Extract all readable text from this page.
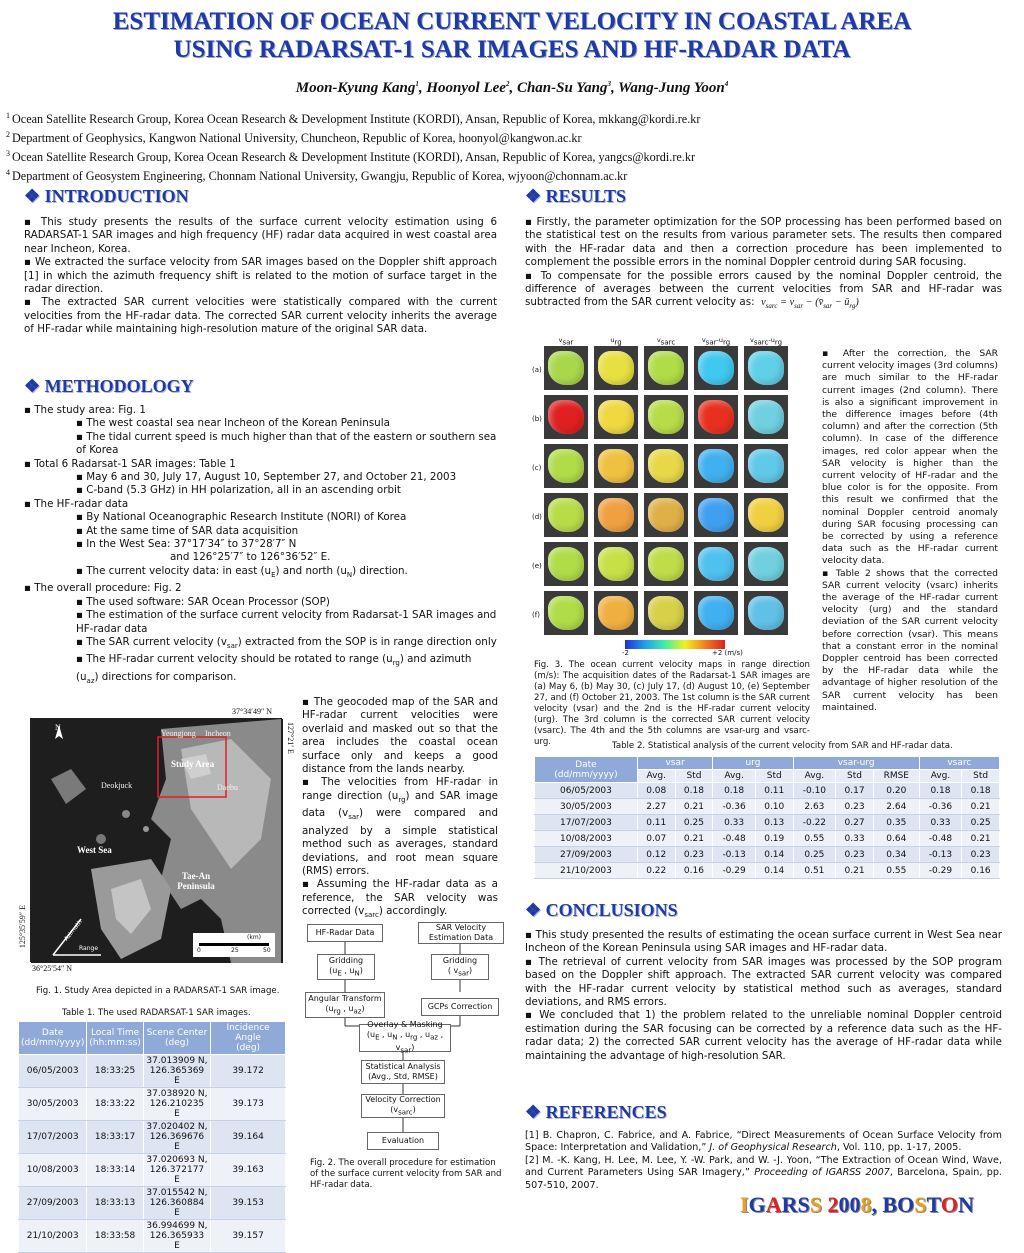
ESTIMATION OF OCEAN CURRENT VELOCITY IN COASTAL AREA
USING RADARSAT-1 SAR IMAGES AND HF-RADAR DATA
Moon-Kyung Kang$^1$, Hoonyol Lee$^2$, Chan-Su Yang$^3$, Wang-Jung Yoon$^4$
$^1$ Ocean Satellite Research Group, Korea Ocean Research & Development Institute (KORDI), Ansan, Republic of Korea, mkkang@kordi.re.kr
$^2$ Department of Geophysics, Kangwon National University, Chuncheon, Republic of Korea, hoonyol@kangwon.ac.kr
$^3$ Ocean Satellite Research Group, Korea Ocean Research & Development Institute (KORDI), Ansan, Republic of Korea, yangcs@kordi.re.kr
$^4$ Department of Geosystem Engineering, Chonnam National University, Gwangju, Republic of Korea, wjyoon@chonnam.ac.kr
❖ INTRODUCTION

▪ This study presents the results of the surface current velocity estimation using 6 RADARSAT-1 SAR images and high frequency (HF) radar data acquired in west coastal area near Incheon, Korea.

▪ We extracted the surface velocity from SAR images based on the Doppler shift approach [1] in which the azimuth frequency shift is related to the motion of surface target in the radar direction.

▪ The extracted SAR current velocities were statistically compared with the current velocities from the HF-radar data. The corrected SAR current velocity inherits the average of HF-radar while maintaining high-resolution mature of the original SAR data.

❖ METHODOLOGY

▪ The study area: Fig. 1

▪ The west coastal sea near Incheon of the Korean Peninsula

▪ The tidal current speed is much higher than that of the eastern or southern sea of Korea

▪ Total 6 Radarsat-1 SAR images: Table 1

▪ May 6 and 30, July 17, August 10, September 27, and October 21, 2003

▪ C-band (5.3 GHz) in HH polarization, all in an ascending orbit

▪ The HF-radar data

▪ By National Oceanographic Research Institute (NORI) of Korea

▪ At the same time of SAR data acquisition

▪ In the West Sea: 37°17′34″ to 37°28′7″ N

and 126°25′7″ to 126°36′52″ E.

▪ The current velocity data: in east $(u_E)$ and north $(u_N)$ direction.

▪ The overall procedure: Fig. 2

▪ The used software: SAR Ocean Processor (SOP)

▪ The estimation of the surface current velocity from Radarsat-1 SAR images and HF-radar data

▪ The SAR current velocity $(v_{sar})$ extracted from the SOP is in range direction only

▪ The HF-radar current velocity should be rotated to range $(u_{rg})$ and azimuth $(u_{az})$ directions for comparison.

N
Yeongjong Incheon
Study Area
Deokjuck	Daebu
West Sea
Tae-An
Peninsula
Azimuth
Range
(km)
0	25	50
37°34′49″ N
127°21′ E
125°35′59″ E
36°25′54″ N
Fig. 1. Study Area depicted in a RADARSAT-1 SAR image.
Table 1. The used RADARSAT-1 SAR images.
Date
(dd/mm/yyyy)	Local Time
(hh:mm:ss)	Scene Center
(deg)	Incidence Angle
(deg)
06/05/2003	18:33:25	37.013909 N,
126.365369 E	39.172
30/05/2003	18:33:22	37.038920 N,
126.210235 E	39.173
17/07/2003	18:33:17	37.020402 N,
126.369676 E	39.164
10/08/2003	18:33:14	37.020693 N,
126.372177 E	39.163
27/09/2003	18:33:13	37.015542 N,
126.360884 E	39.153
21/10/2003	18:33:58	36.994699 N,
126.365933 E	39.157

▪ The geocoded map of the SAR and HF-radar current velocities were overlaid and masked out so that the area includes the coastal ocean surface only and keeps a good distance from the lands nearby.

▪ The velocities from HF-radar in range direction $(u_{rg})$ and SAR image data $(v_{sar})$ were compared and analyzed by a simple statistical method such as averages, standard deviations, and root mean square (RMS) errors.

▪ Assuming the HF-radar data as a reference, the SAR velocity was corrected $(v_{sarc})$ accordingly.

HF-Radar Data
SAR Velocity
Estimation Data
Gridding
($u_E$ , $u_N$)
Gridding
( $v_{sar}$)
Angular Transform
($u_{rg}$ , $u_{az}$)	GCPs Correction
Overlay & Masking
($u_E$ , $u_N$ , $u_{rg}$ , $u_{az}$ , $v_{sar}$)
Statistical Analysis
(Avg., Std, RMSE)
Velocity Correction
$(v_{sarc})$
Evaluation
Fig. 2. The overall procedure for estimation of the surface current velocity from SAR and HF-radar data.
❖ RESULTS

▪ Firstly, the parameter optimization for the SOP processing has been performed based on the statistical test on the results from various parameter sets. The results then compared with the HF-radar data and then a correction procedure has been implemented to complement the possible errors in the nominal Doppler centroid during SAR focusing.

▪ To compensate for the possible errors caused by the nominal Doppler centroid, the difference of averages between the current velocities from SAR and HF-radar was subtracted from the SAR current velocity as: $v_{sarc} = v_{sar}$ − ($v̄_{sar}$ − $ū_{rg}$)

$v_{sar}$	$u_{rg}$	$v_{sarc}$	$v_{sar}-u_{rg}$	$v_{sarc}-u_{rg}$
(a)
(b)
(c)
(d)
(e)
(f)
-2	+2 (m/s)
Fig. 3. The ocean current velocity maps in range direction (m/s): The acquisition dates of the Radarsat-1 SAR images are (a) May 6, (b) May 30, (c) July 17, (d) August 10, (e) September 27, and (f) October 21, 2003. The 1st column is the SAR current velocity (vsar) and the 2nd is the HF-radar current velocity (urg). The 3rd column is the corrected SAR current velocity (vsarc). The 4th and the 5th columns are vsar-urg and vsarc-urg.

▪ After the correction, the SAR current velocity images (3rd columns) are much similar to the HF-radar current images (2nd column). There is also a significant improvement in the difference images before (4th column) and after the correction (5th column). In case of the difference images, red color appear when the SAR velocity is higher than the current velocity of HF-radar and the blue color is for the opposite. From this result we confirmed that the nominal Doppler centroid anomaly during SAR focusing processing can be corrected by using a reference data such as the HF-radar current velocity data.

▪ Table 2 shows that the corrected SAR current velocity (vsarc) inherits the average of the HF-radar current velocity (urg) and the standard deviation of the SAR current velocity before correction (vsar). This means that a constant error in the nominal Doppler centroid has been corrected by the HF-radar data while the advantage of higher resolution of the SAR current velocity has been maintained.

Table 2. Statistical analysis of the current velocity from SAR and HF-radar data.
Date
(dd/mm/yyyy)	vsar		urg		vsar-urg			vsarc	
	Avg.	Std	Avg.	Std	Avg.	Std	RMSE	Avg.	Std
06/05/2003	0.08	0.18	0.18	0.11	-0.10	0.17	0.20	0.18	0.18
30/05/2003	2.27	0.21	-0.36	0.10	2.63	0.23	2.64	-0.36	0.21
17/07/2003	0.11	0.25	0.33	0.13	-0.22	0.27	0.35	0.33	0.25
10/08/2003	0.07	0.21	-0.48	0.19	0.55	0.33	0.64	-0.48	0.21
27/09/2003	0.12	0.23	-0.13	0.14	0.25	0.23	0.34	-0.13	0.23
21/10/2003	0.22	0.16	-0.29	0.14	0.51	0.21	0.55	-0.29	0.16
❖ CONCLUSIONS

▪ This study presented the results of estimating the ocean surface current in West Sea near Incheon of the Korean Peninsula using SAR images and HF-radar data.

▪ The retrieval of current velocity from SAR images was processed by the SOP program based on the Doppler shift approach. The extracted SAR current velocity was compared with the HF-radar current velocity by statistical method such as averages, standard deviations, and RMS errors.

▪ We concluded that 1) the problem related to the unreliable nominal Doppler centroid estimation during the SAR focusing can be corrected by a reference data such as the HF-radar data; 2) the corrected SAR current velocity has the average of HF-radar data while maintaining the advantage of high-resolution SAR.

❖ REFERENCES

[1] B. Chapron, C. Fabrice, and A. Fabrice, “Direct Measurements of Ocean Surface Velocity from Space: Interpretation and Validation,” J. of Geophysical Research, Vol. 110, pp. 1-17, 2005.

[2] M. -K. Kang, H. Lee, M. Lee, Y. -W. Park, and W. -J. Yoon, “The Extraction of Ocean Wind, Wave, and Current Parameters Using SAR Imagery,” Proceeding of IGARSS 2007, Barcelona, Spain, pp. 507-510, 2007.

IGARSS 2008, BOSTON
